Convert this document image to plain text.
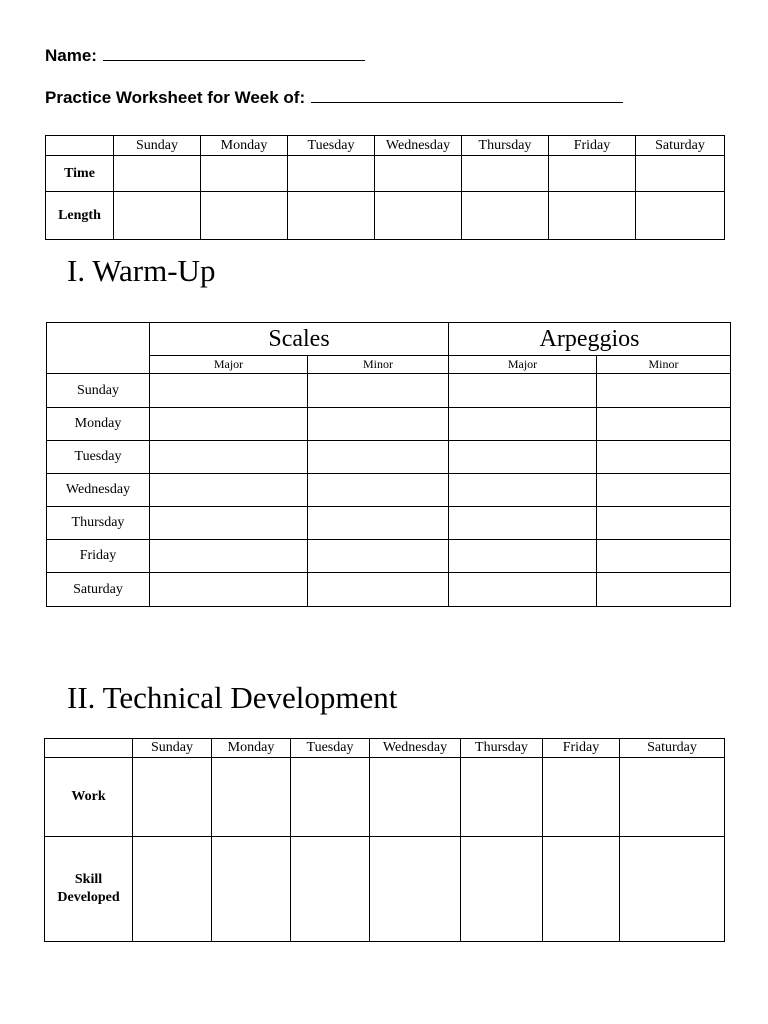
Name:
Practice Worksheet for Week of:
	Sunday	Monday	Tuesday	Wednesday	Thursday	Friday	Saturday
Time							
Length							
I. Warm-Up
	Scales		Arpeggios	
	Major	Minor	Major	Minor
Sunday				
Monday				
Tuesday				
Wednesday				
Thursday				
Friday				
Saturday				
II. Technical Development
	Sunday	Monday	Tuesday	Wednesday	Thursday	Friday	Saturday
Work							
Skill Developed							
